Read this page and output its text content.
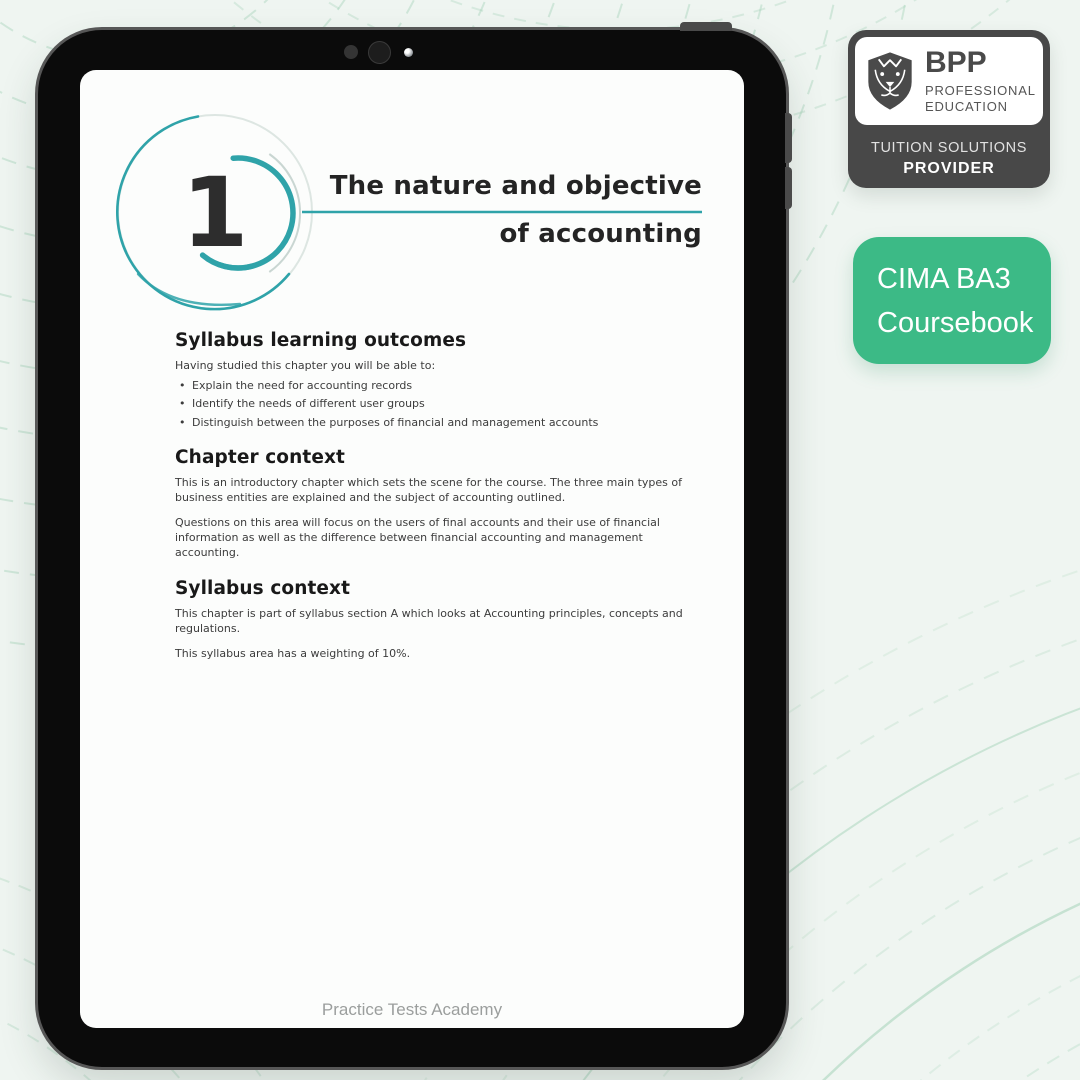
1	The nature and objective
of accounting
Syllabus learning outcomes

Having studied this chapter you will be able to:

• Explain the need for accounting records
• Identify the needs of different user groups
• Distinguish between the purposes of financial and management accounts
Chapter context

This is an introductory chapter which sets the scene for the course. The three main types of business entities are explained and the subject of accounting outlined.

Questions on this area will focus on the users of final accounts and their use of financial information as well as the difference between financial accounting and management accounting.

Syllabus context

This chapter is part of syllabus section A which looks at Accounting principles, concepts and regulations.

This syllabus area has a weighting of 10%.

Practice Tests Academy
BPP
PROFESSIONAL
EDUCATION
TUITION SOLUTIONS
PROVIDER
CIMA BA3
Coursebook
